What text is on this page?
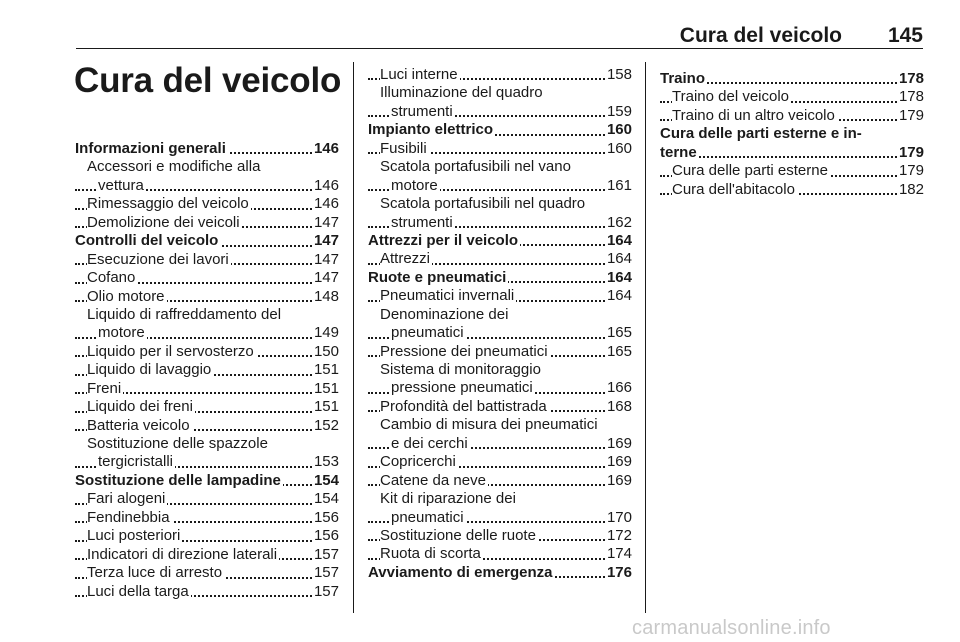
Cura del veicolo 145
Cura del veicolo
Informazioni generali	146
Accessori e modifiche alla
vettura	146
Rimessaggio del veicolo	146
Demolizione dei veicoli	147
Controlli del veicolo	147
Esecuzione dei lavori	147
Cofano	147
Olio motore	148
Liquido di raffreddamento del
motore	149
Liquido per il servosterzo	150
Liquido di lavaggio	151
Freni	151
Liquido dei freni	151
Batteria veicolo	152
Sostituzione delle spazzole
tergicristalli	153
Sostituzione delle lampadine 154
Fari alogeni	154
Fendinebbia	156
Luci posteriori	156
Indicatori di direzione laterali 157
Terza luce di arresto	157
Luci della targa	157
Luci interne	158
Illuminazione del quadro
strumenti	159
Impianto elettrico	160
Fusibili	160
Scatola portafusibili nel vano
motore	161
Scatola portafusibili nel quadro
strumenti	162
Attrezzi per il veicolo	164
Attrezzi	164
Ruote e pneumatici	164
Pneumatici invernali	164
Denominazione dei
pneumatici	165
Pressione dei pneumatici	165
Sistema di monitoraggio
pressione pneumatici	166
Profondità del battistrada	168
Cambio di misura dei pneumatici
e dei cerchi	169
Copricerchi	169
Catene da neve	169
Kit di riparazione dei
pneumatici	170
Sostituzione delle ruote	172
Ruota di scorta	174
Avviamento di emergenza	176
Traino	178
Traino del veicolo	178
Traino di un altro veicolo	179
Cura delle parti esterne e in-
terne	179
Cura delle parti esterne	179
Cura dell'abitacolo	182
carmanualsonline.info
